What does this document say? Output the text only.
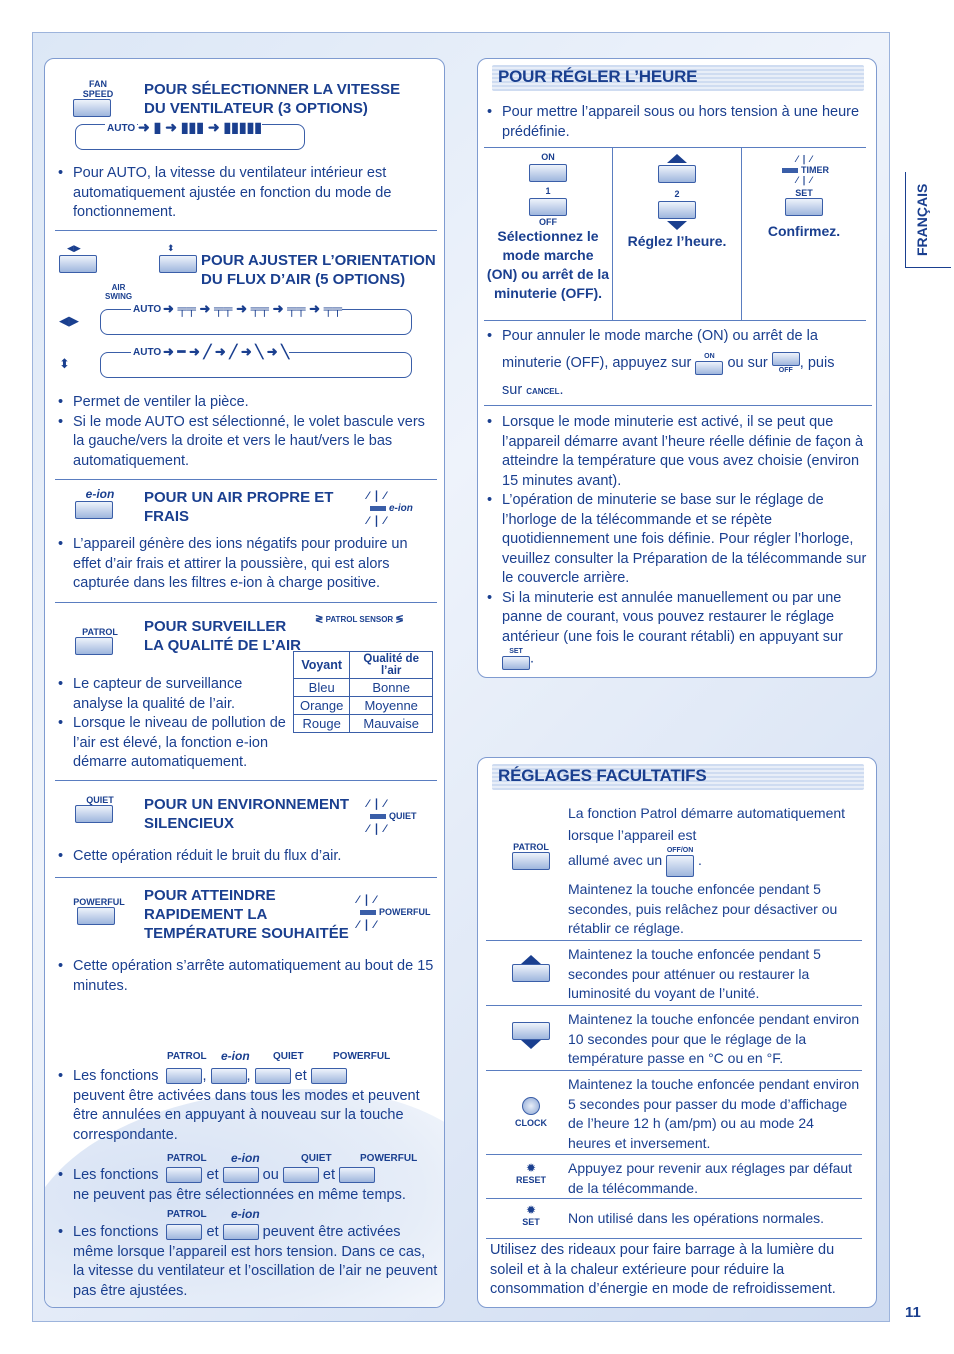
FRANÇAIS
11
FAN SPEED	POUR SÉLECTIONNER LA VITESSE DU VENTILATEUR (3 OPTIONS)
AUTO ➜ ▮ ➜ ▮▮▮ ➜ ▮▮▮▮▮
• Pour AUTO, la vitesse du ventilateur intérieur est automatiquement ajustée en fonction du mode de fonctionnement.
◀▶	⬍
AIR SWING
POUR AJUSTER L’ORIENTATION DU FLUX D’AIR (5 OPTIONS)
◀▶
AUTO ➜ ╤╤ ➜ ╤╤ ➜ ╤╤ ➜ ╤╤ ➜ ╤╤
⬍
AUTO ➜ ━ ➜ ╱ ➜ ╱ ➜ ╲ ➜ ╲
• Permet de ventiler la pièce.
• Si le mode AUTO est sélectionné, le volet bascule vers la gauche/vers la droite et vers le haut/vers le bas automatiquement.
e-ion	POUR UN AIR PROPRE ET FRAIS
⁄ ❘ ⁄
e-ion
⁄ ❘ ⁄
• L’appareil génère des ions négatifs pour produire un effet d’air frais et attirer la poussière, qui est alors capturée dans les filtres e-ion à charge positive.
PATROL	POUR SURVEILLER LA QUALITÉ DE L’AIR
≷ PATROL SENSOR ≶
Voyant	Qualité de l’air
Bleu	Bonne
Orange	Moyenne
Rouge	Mauvaise
• Le capteur de surveillance analyse la qualité de l’air.
• Lorsque le niveau de pollution de l’air est élevé, la fonction e-ion démarre automatiquement.
QUIET	POUR UN ENVIRONNEMENT SILENCIEUX
⁄ ❘ ⁄
QUIET
⁄ ❘ ⁄
• Cette opération réduit le bruit du flux d’air.
POWERFUL POUR ATTEINDRE RAPIDEMENT LA TEMPÉRATURE SOUHAITÉE
⁄ ❘ ⁄
POWERFUL
⁄ ❘ ⁄
• Cette opération s’arrête automatiquement au bout de 15 minutes.
PATROL e-ion QUIET	POWERFUL
• Les fonctions	,	,	et
peuvent être activées dans tous les modes et peuvent être annulées en appuyant à nouveau sur la touche correspondante.
PATROL e-ion	QUIET	POWERFUL
• Les fonctions	et	ou	et
ne peuvent pas être sélectionnées en même temps.
PATROL e-ion
• Les fonctions	et	peuvent être activées
même lorsque l’appareil est hors tension. Dans ce cas, la vitesse du ventilateur et l’oscillation de l’air ne peuvent pas être ajustées.
POUR RÉGLER L’HEURE
• Pour mettre l’appareil sous ou hors tension à une heure prédéfinie.
ON
1
OFF
Sélectionnez le mode marche (ON) ou arrêt de la minuterie (OFF).
2
Réglez l’heure.
⁄ ❘ ⁄
TIMER
⁄ ❘ ⁄
SET
Confirmez.
• Pour annuler le mode marche (ON) ou arrêt de la
minuterie (OFF), appuyez sur	ON ou sur	OFF , puis
sur CANCEL.
• Lorsque le mode minuterie est activé, il se peut que l’appareil démarre avant l’heure réelle définie de façon à atteindre la température que vous avez choisie (environ 15 minutes avant).
• L’opération de minuterie se base sur le réglage de l’horloge de la télécommande et se répète quotidiennement une fois définie. Pour régler l’horloge, veuillez consulter la Préparation de la télécommande sur le couvercle arrière.
• Si la minuterie est annulée manuellement ou par une panne de courant, vous pouvez restaurer le réglage antérieur (une fois le courant rétabli) en appuyant sur

SET .
RÉGLAGES FACULTATIFS
PATROL
La fonction Patrol démarre automatiquement lorsque l’appareil est
allumé avec un
OFF/ON
.
Maintenez la touche enfoncée pendant 5 secondes, puis relâchez pour désactiver ou rétablir ce réglage.
Maintenez la touche enfoncée pendant 5 secondes pour atténuer ou restaurer la luminosité du voyant de l’unité.
Maintenez la touche enfoncée pendant environ 10 secondes pour que le réglage de la température passe en °C ou en °F.
CLOCK
Maintenez la touche enfoncée pendant environ 5 secondes pour passer du mode d’affichage de l’heure 12 h (am/pm) ou au mode 24 heures et inversement.
✹
RESET
Appuyez pour revenir aux réglages par défaut de la télécommande.
✹
SET	Non utilisé dans les opérations normales.
Utilisez des rideaux pour faire barrage à la lumière du soleil et à la chaleur extérieure pour réduire la consommation d’énergie en mode de refroidissement.
